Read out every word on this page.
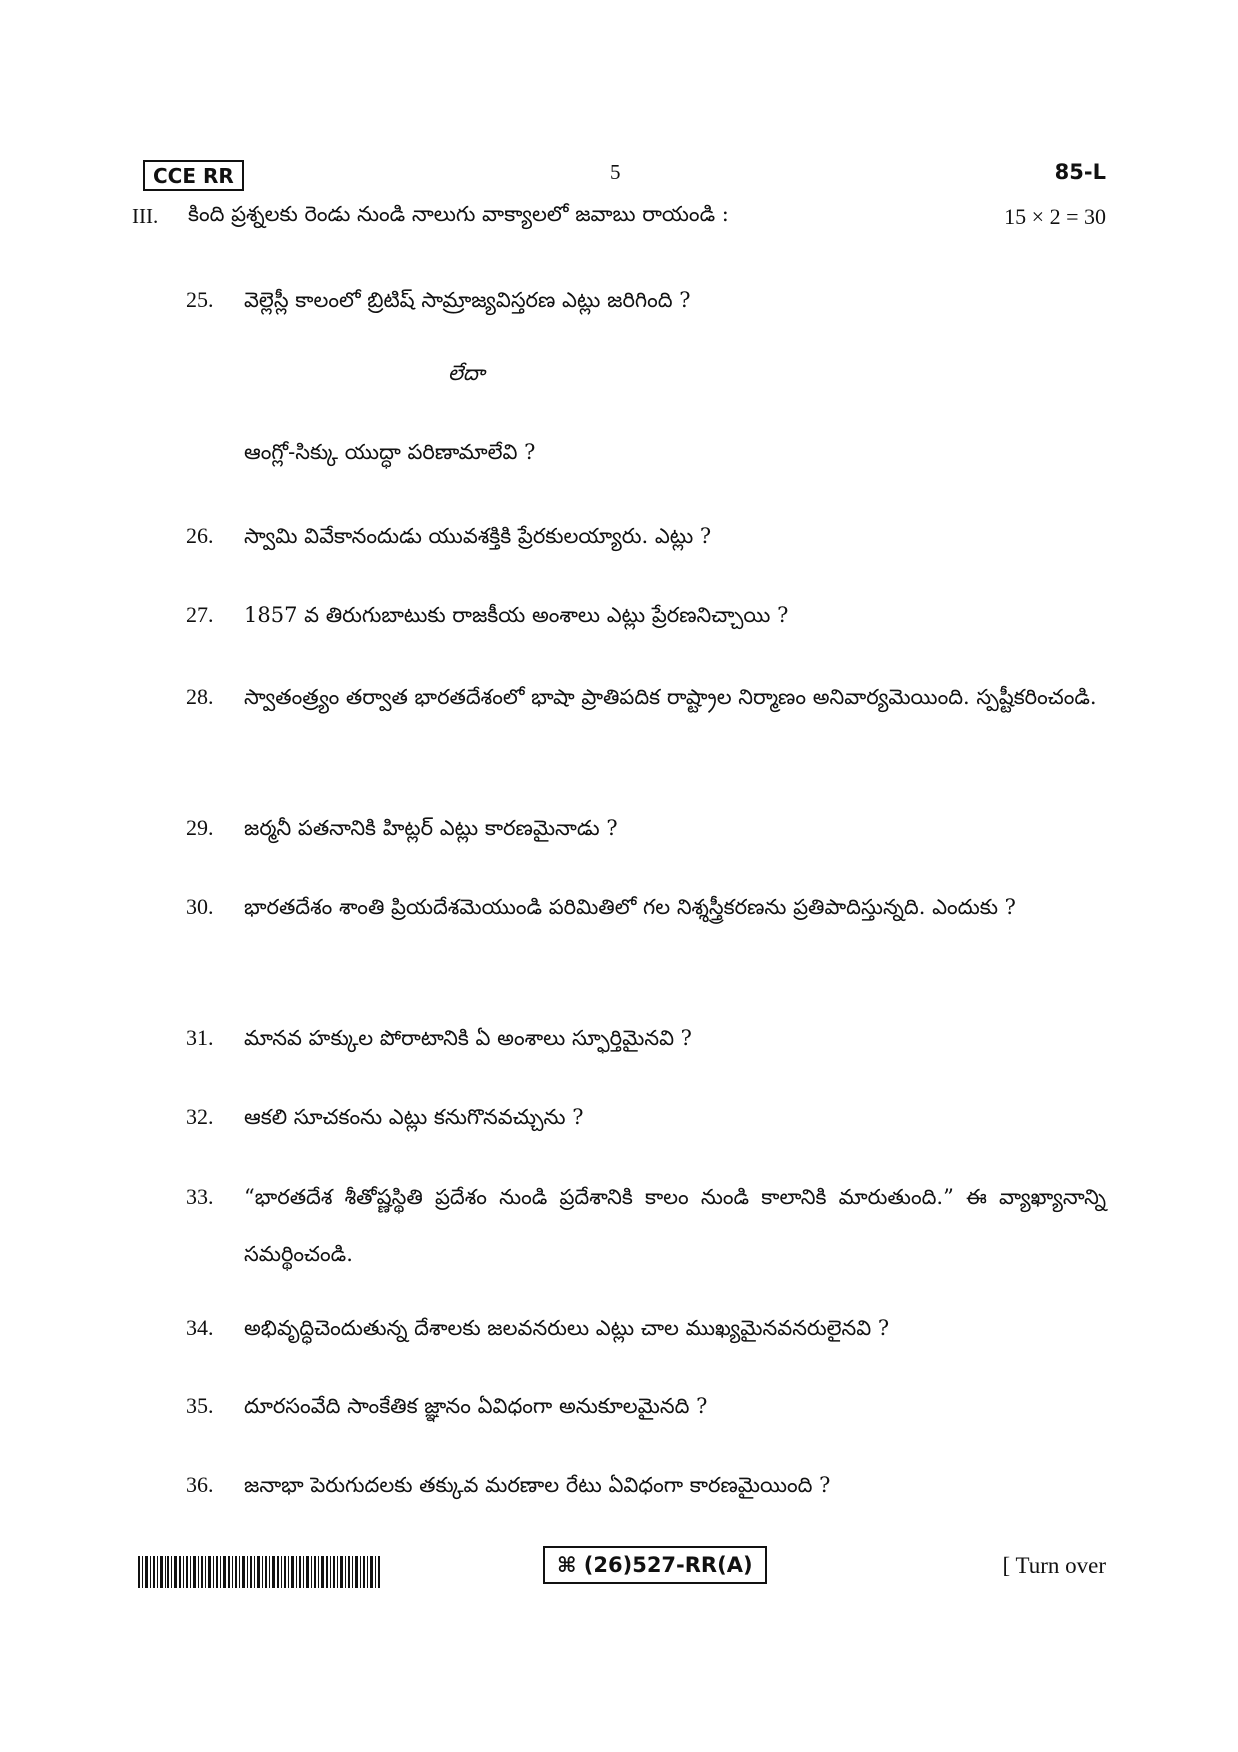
CCE RR	5	85-L
III. కింది ప్రశ్నలకు రెండు నుండి నాలుగు వాక్యాలలో జవాబు రాయండి :	15 × 2 = 30
25. వెల్లెస్లీ కాలంలో బ్రిటిష్ సామ్రాజ్యవిస్తరణ ఎట్లు జరిగింది ?
లేదా
ఆంగ్లో-సిక్కు యుద్ధా పరిణామాలేవి ?
26. స్వామి వివేకానందుడు యువశక్తికి ప్రేరకులయ్యారు. ఎట్లు ?
27. 1857 వ తిరుగుబాటుకు రాజకీయ అంశాలు ఎట్లు ప్రేరణనిచ్చాయి ?
28. స్వాతంత్ర్యం తర్వాత భారతదేశంలో భాషా ప్రాతిపదిక రాష్ట్రాల నిర్మాణం అనివార్యమెయింది. స్పష్టీకరించండి.
29. జర్మనీ పతనానికి హిట్లర్ ఎట్లు కారణమైనాడు ?
30. భారతదేశం శాంతి ప్రియదేశమెయుండి పరిమితిలో గల నిశ్శస్త్రీకరణను ప్రతిపాదిస్తున్నది. ఎందుకు ?
31. మానవ హక్కుల పోరాటానికి ఏ అంశాలు స్ఫూర్తిమైనవి ?
32. ఆకలి సూచకంను ఎట్లు కనుగొనవచ్చును ?
33. “భారతదేశ శీతోష్ణస్థితి ప్రదేశం నుండి ప్రదేశానికి కాలం నుండి కాలానికి మారుతుంది.” ఈ వ్యాఖ్యానాన్ని సమర్థించండి.
34. అభివృద్ధిచెందుతున్న దేశాలకు జలవనరులు ఎట్లు చాల ముఖ్యమైనవనరులైనవి ?
35. దూరసంవేది సాంకేతిక జ్ఞానం ఏవిధంగా అనుకూలమైనది ?
36. జనాభా పెరుగుదలకు తక్కువ మరణాల రేటు ఏవిధంగా కారణమైయింది ?
⌘ (26)527-RR(A)	[ Turn over
